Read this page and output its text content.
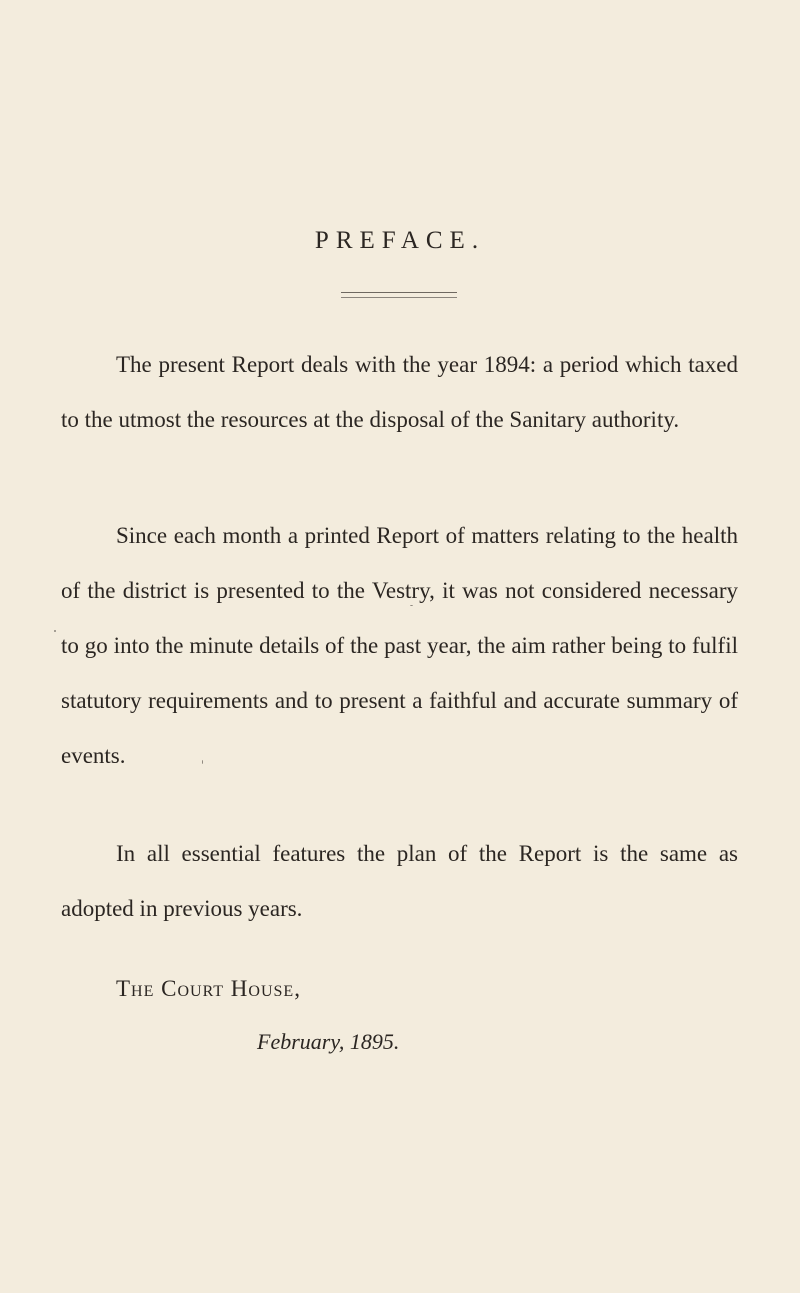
PREFACE.

The present Report deals with the year 1894: a period which taxed to the utmost the resources at the disposal of the Sanitary authority.

Since each month a printed Report of matters relating to the health of the district is presented to the Vestry, it was not considered necessary to go into the minute details of the past year, the aim rather being to fulfil statutory requirements and to present a faithful and accurate summary of events.

In all essential features the plan of the Report is the same as adopted in previous years.

The Court House,
February, 1895.
